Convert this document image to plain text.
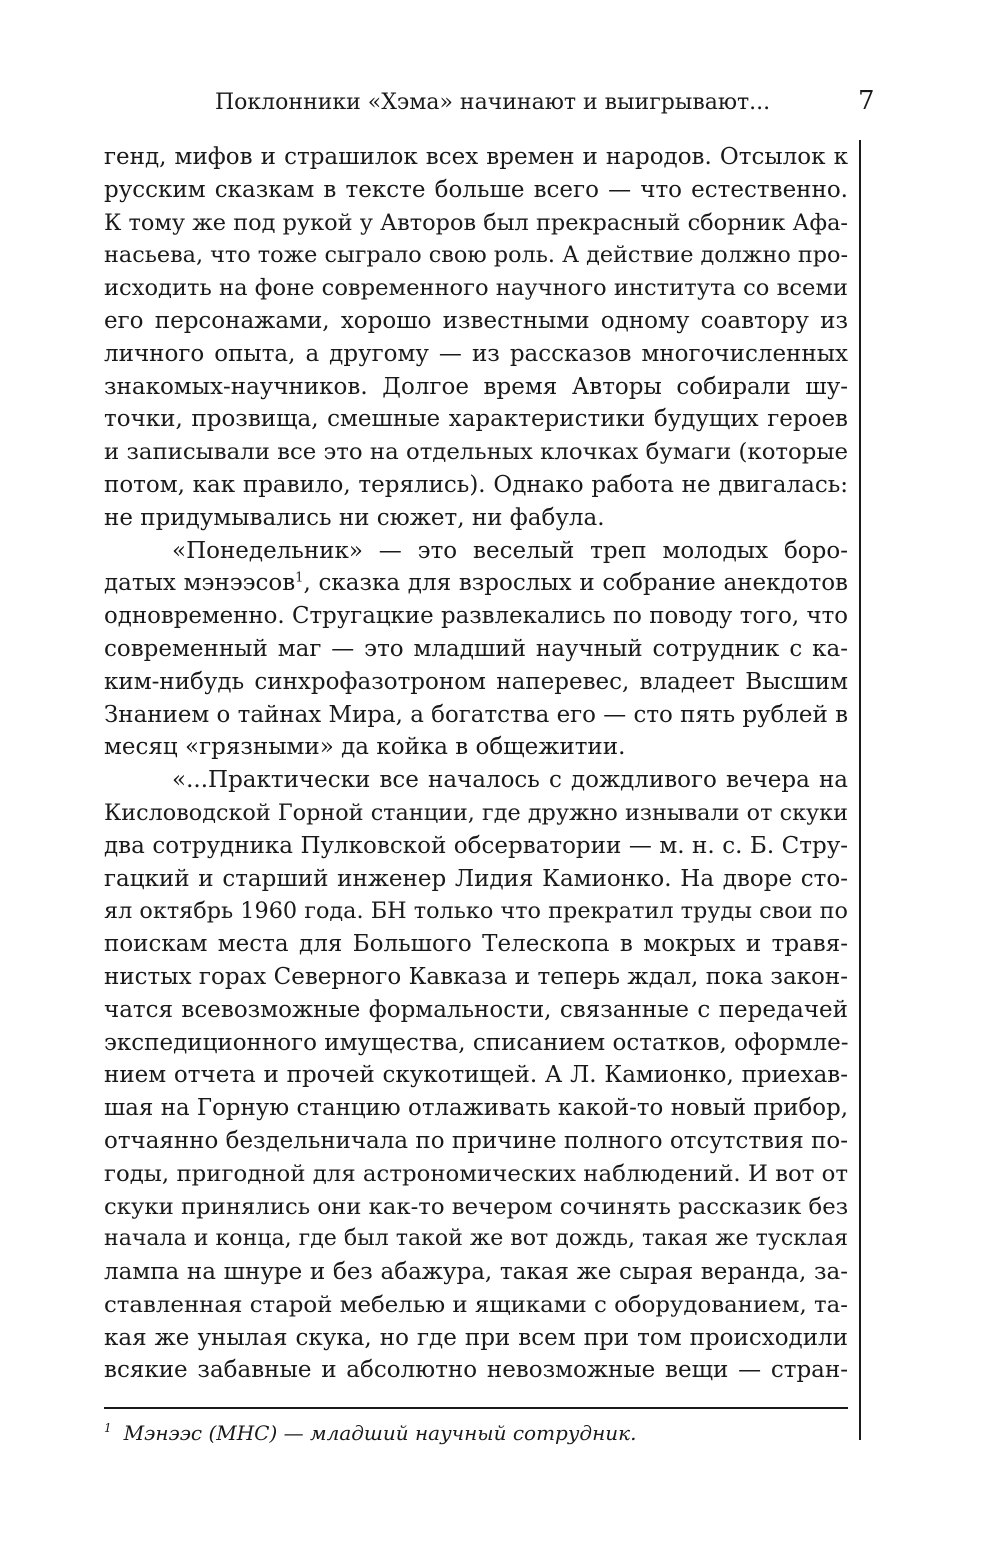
Поклонники «Хэма» начинают и выигрывают...	7
генд, мифов и страшилок всех времен и народов. Отсылок к
русским сказкам в тексте больше всего — что естественно.
К тому же под рукой у Авторов был прекрасный сборник Афа-
насьева, что тоже сыграло свою роль. А действие должно про-
исходить на фоне современного научного института со всеми
его персонажами, хорошо известными одному соавтору из
личного опыта, а другому — из рассказов многочисленных
знакомых-научников. Долгое время Авторы собирали шу-
точки, прозвища, смешные характеристики будущих героев
и записывали все это на отдельных клочках бумаги (которые
потом, как правило, терялись). Однако работа не двигалась:
не придумывались ни сюжет, ни фабула.
«Понедельник» — это веселый треп молодых боро-
датых мэнээсов$^1$, сказка для взрослых и собрание анекдотов
одновременно. Стругацкие развлекались по поводу того, что
современный маг — это младший научный сотрудник с ка-
ким-нибудь синхрофазотроном наперевес, владеет Высшим
Знанием о тайнах Мира, а богатства его — сто пять рублей в
месяц «грязными» да койка в общежитии.
«...Практически все началось с дождливого вечера на
Кисловодской Горной станции, где дружно изнывали от скуки
два сотрудника Пулковской обсерватории — м. н. с. Б. Стру-
гацкий и старший инженер Лидия Камионко. На дворе сто-
ял октябрь 1960 года. БН только что прекратил труды свои по
поискам места для Большого Телескопа в мокрых и травя-
нистых горах Северного Кавказа и теперь ждал, пока закон-
чатся всевозможные формальности, связанные с передачей
экспедиционного имущества, списанием остатков, оформле-
нием отчета и прочей скукотищей. А Л. Камионко, приехав-
шая на Горную станцию отлаживать какой-то новый прибор,
отчаянно бездельничала по причине полного отсутствия по-
годы, пригодной для астрономических наблюдений. И вот от
скуки принялись они как-то вечером сочинять рассказик без
начала и конца, где был такой же вот дождь, такая же тусклая
лампа на шнуре и без абажура, такая же сырая веранда, за-
ставленная старой мебелью и ящиками с оборудованием, та-
кая же унылая скука, но где при всем при том происходили
всякие забавные и абсолютно невозможные вещи — стран-
$^1$ Мэнээс (МНС) — младший научный сотрудник.
